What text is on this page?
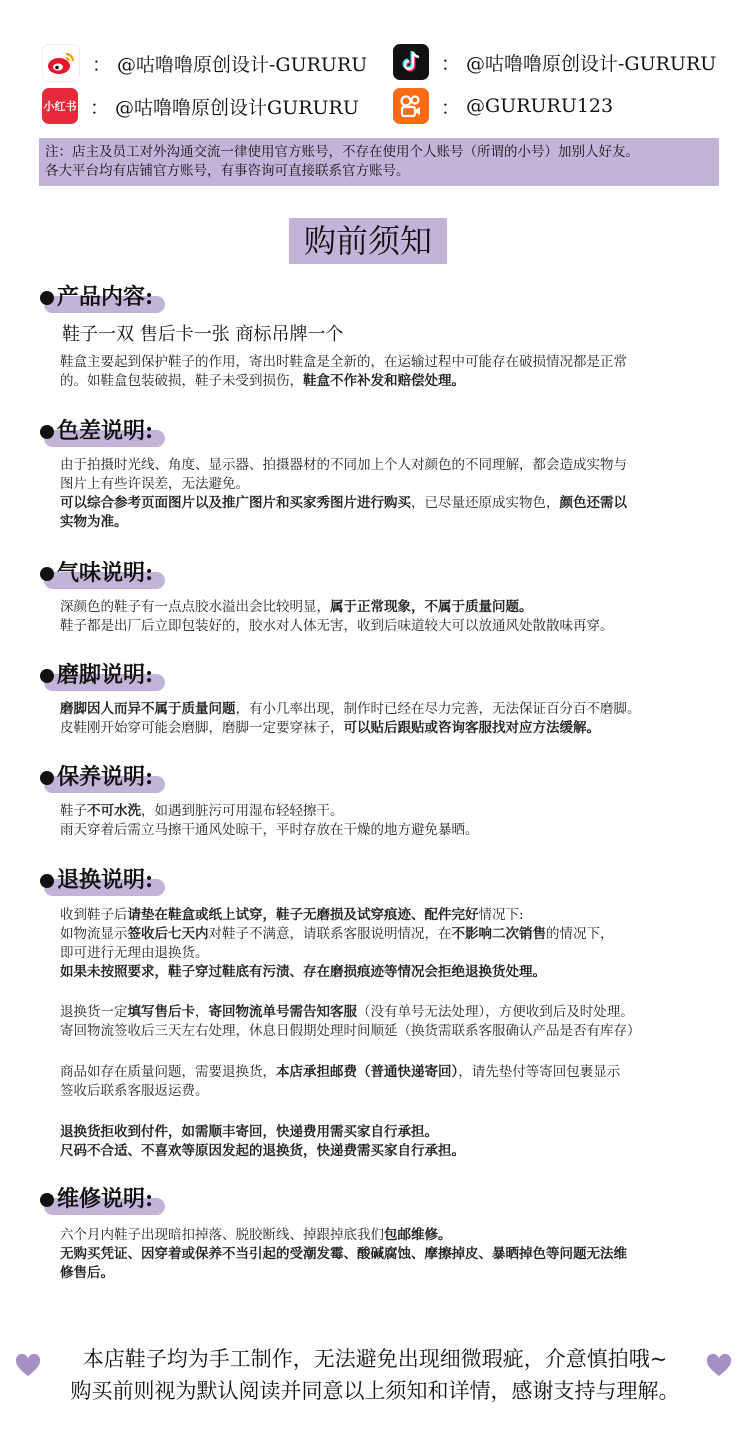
： @咕噜噜原创设计-GURURU	： @咕噜噜原创设计-GURURU
小红书 ： @咕噜噜原创设计GURURU	： @GURURU123
注：店主及员工对外沟通交流一律使用官方账号，不存在使用个人账号（所谓的小号）加别人好友。
各大平台均有店铺官方账号，有事咨询可直接联系官方账号。
购前须知
产品内容:
鞋子一双 售后卡一张 商标吊牌一个

鞋盒主要起到保护鞋子的作用，寄出时鞋盒是全新的，在运输过程中可能存在破损情况都是正常

的。如鞋盒包装破损，鞋子未受到损伤，鞋盒不作补发和赔偿处理。

色差说明:

由于拍摄时光线、角度、显示器、拍摄器材的不同加上个人对颜色的不同理解，都会造成实物与

图片上有些许误差，无法避免。

可以综合参考页面图片以及推广图片和买家秀图片进行购买，已尽量还原成实物色，颜色还需以

实物为准。

气味说明:

深颜色的鞋子有一点点胶水溢出会比较明显，属于正常现象，不属于质量问题。

鞋子都是出厂后立即包装好的，胶水对人体无害，收到后味道较大可以放通风处散散味再穿。

磨脚说明:

磨脚因人而异不属于质量问题，有小几率出现，制作时已经在尽力完善，无法保证百分百不磨脚。

皮鞋刚开始穿可能会磨脚，磨脚一定要穿袜子，可以贴后跟贴或咨询客服找对应方法缓解。

保养说明:

鞋子不可水洗，如遇到脏污可用湿布轻轻擦干。

雨天穿着后需立马擦干通风处晾干，平时存放在干燥的地方避免暴晒。

退换说明:

收到鞋子后请垫在鞋盒或纸上试穿，鞋子无磨损及试穿痕迹、配件完好情况下:

如物流显示签收后七天内对鞋子不满意，请联系客服说明情况，在不影响二次销售的情况下，

即可进行无理由退换货。

如果未按照要求，鞋子穿过鞋底有污渍、存在磨损痕迹等情况会拒绝退换货处理。

退换货一定填写售后卡，寄回物流单号需告知客服（没有单号无法处理），方便收到后及时处理。

寄回物流签收后三天左右处理，休息日假期处理时间顺延（换货需联系客服确认产品是否有库存）

商品如存在质量问题，需要退换货，本店承担邮费（普通快递寄回），请先垫付等寄回包裹显示

签收后联系客服返运费。

退换货拒收到付件，如需顺丰寄回，快递费用需买家自行承担。

尺码不合适、不喜欢等原因发起的退换货，快递费需买家自行承担。

维修说明:

六个月内鞋子出现暗扣掉落、脱胶断线、掉跟掉底我们包邮维修。

无购买凭证、因穿着或保养不当引起的受潮发霉、酸碱腐蚀、摩擦掉皮、暴晒掉色等问题无法维

修售后。

本店鞋子均为手工制作，无法避免出现细微瑕疵，介意慎拍哦~
购买前则视为默认阅读并同意以上须知和详情，感谢支持与理解。
